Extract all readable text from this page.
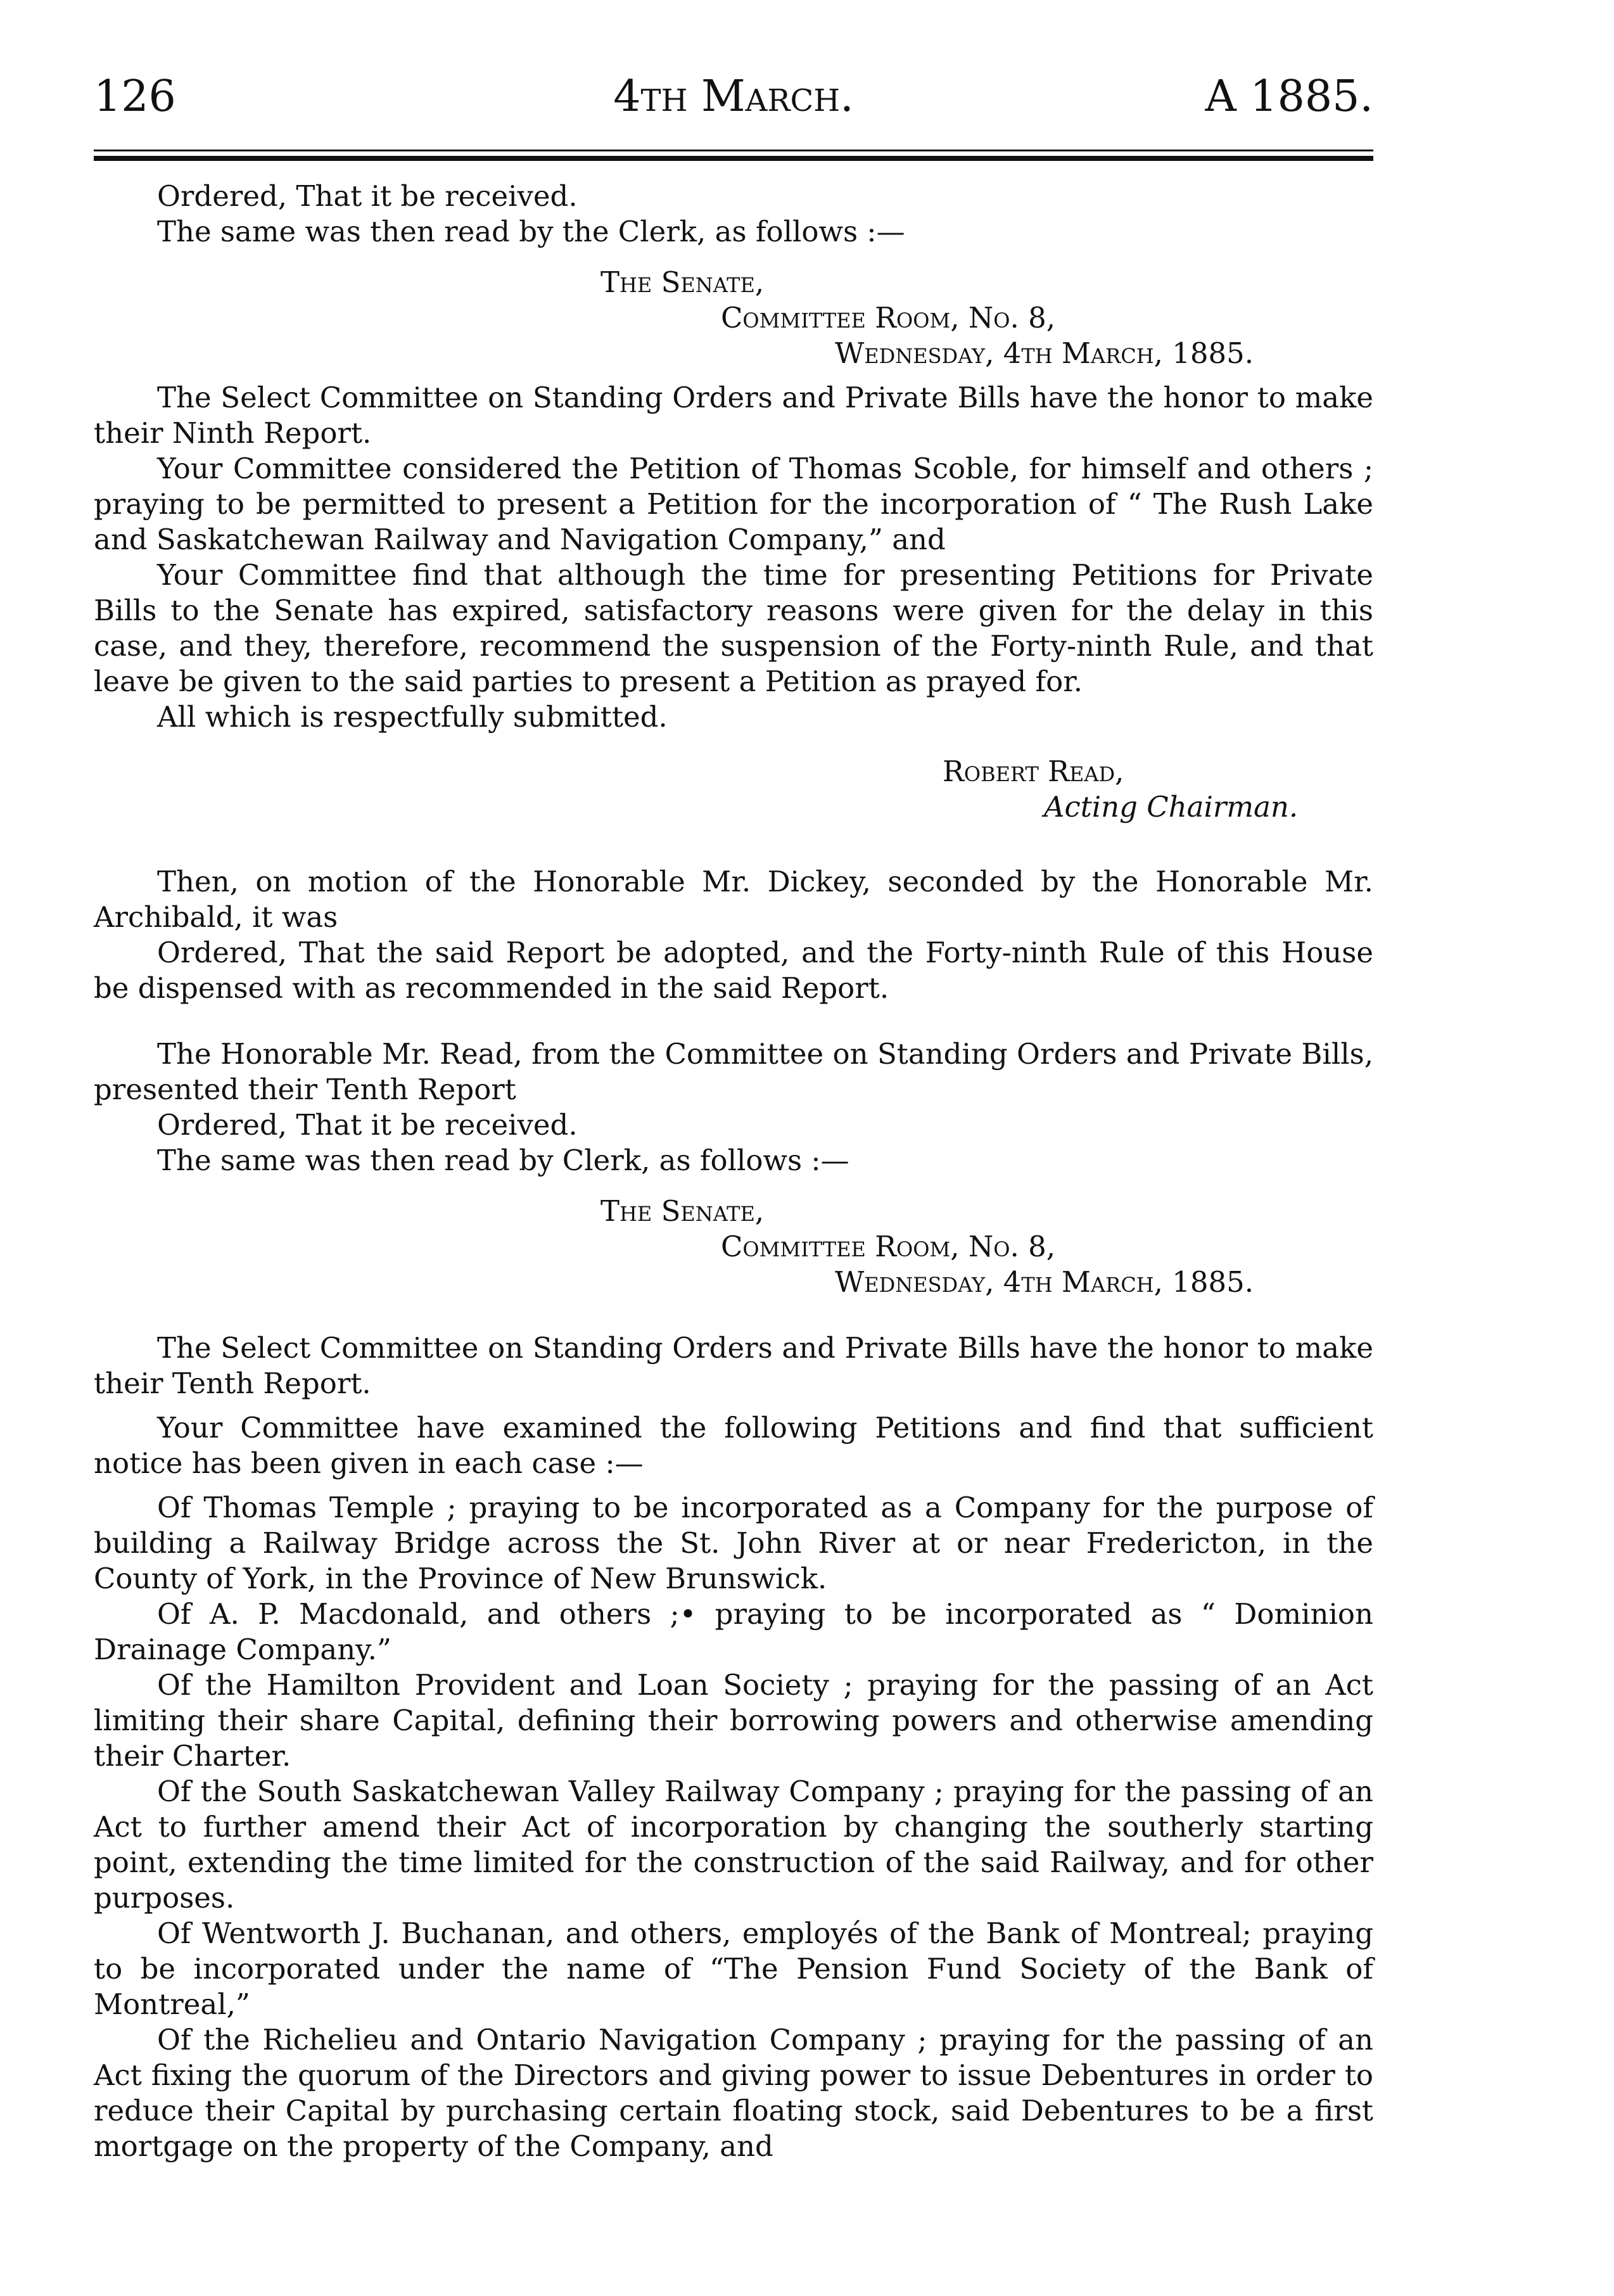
126	4th March.	A 1885.

Ordered, That it be received.

The same was then read by the Clerk, as follows :—

The Senate,

Committee Room, No. 8,

Wednesday, 4th March, 1885.

The Select Committee on Standing Orders and Private Bills have the honor to make their Ninth Report.

Your Committee considered the Petition of Thomas Scoble, for himself and others ; praying to be permitted to present a Petition for the incorporation of “ The Rush Lake and Saskatchewan Railway and Navigation Company,” and

Your Committee find that although the time for presenting Petitions for Private Bills to the Senate has expired, satisfactory reasons were given for the delay in this case, and they, therefore, recommend the suspension of the Forty-ninth Rule, and that leave be given to the said parties to present a Petition as prayed for.

All which is respectfully submitted.

Robert Read,

Acting Chairman.

Then, on motion of the Honorable Mr. Dickey, seconded by the Honorable Mr. Archibald, it was

Ordered, That the said Report be adopted, and the Forty-ninth Rule of this House be dispensed with as recommended in the said Report.

The Honorable Mr. Read, from the Committee on Standing Orders and Private Bills, presented their Tenth Report

Ordered, That it be received.

The same was then read by Clerk, as follows :—

The Senate,

Committee Room, No. 8,

Wednesday, 4th March, 1885.

The Select Committee on Standing Orders and Private Bills have the honor to make their Tenth Report.

Your Committee have examined the following Petitions and find that sufficient notice has been given in each case :—

Of Thomas Temple ; praying to be incorporated as a Company for the purpose of building a Railway Bridge across the St. John River at or near Fredericton, in the County of York, in the Province of New Brunswick.

Of A. P. Macdonald, and others ;• praying to be incorporated as “ Dominion Drainage Company.”

Of the Hamilton Provident and Loan Society ; praying for the passing of an Act limiting their share Capital, defining their borrowing powers and otherwise amending their Charter.

Of the South Saskatchewan Valley Railway Company ; praying for the passing of an Act to further amend their Act of incorporation by changing the southerly starting point, extending the time limited for the construction of the said Railway, and for other purposes.

Of Wentworth J. Buchanan, and others, employés of the Bank of Montreal; praying to be incorporated under the name of “The Pension Fund Society of the Bank of Montreal,”

Of the Richelieu and Ontario Navigation Company ; praying for the passing of an Act fixing the quorum of the Directors and giving power to issue Debentures in order to reduce their Capital by purchasing certain floating stock, said Debentures to be a first mortgage on the property of the Company, and
